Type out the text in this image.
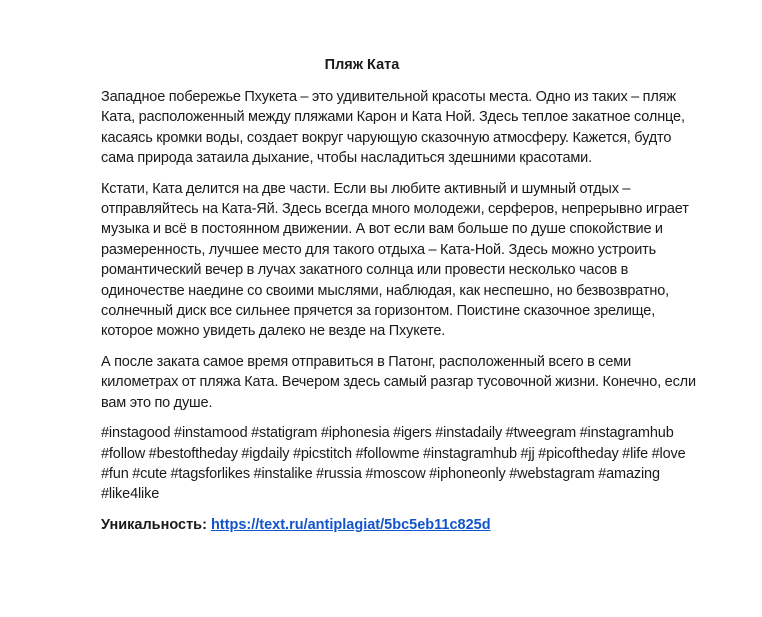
Пляж Ката
Западное побережье Пхукета – это удивительной красоты места. Одно из таких – пляж
Ката, расположенный между пляжами Карон и Ката Ной. Здесь теплое закатное солнце,
касаясь кромки воды, создает вокруг чарующую сказочную атмосферу. Кажется, будто
сама природа затаила дыхание, чтобы насладиться здешними красотами.
Кстати, Ката делится на две части. Если вы любите активный и шумный отдых –
отправляйтесь на Ката-Яй. Здесь всегда много молодежи, серферов, непрерывно играет
музыка и всё в постоянном движении. А вот если вам больше по душе спокойствие и
размеренность, лучшее место для такого отдыха – Ката-Ной. Здесь можно устроить
романтический вечер в лучах закатного солнца или провести несколько часов в
одиночестве наедине со своими мыслями, наблюдая, как неспешно, но безвозвратно,
солнечный диск все сильнее прячется за горизонтом. Поистине сказочное зрелище,
которое можно увидеть далеко не везде на Пхукете.
А после заката самое время отправиться в Патонг, расположенный всего в семи
километрах от пляжа Ката. Вечером здесь самый разгар тусовочной жизни. Конечно, если
вам это по душе.
#instagood #instamood #statigram #iphonesia #igers #instadaily #tweegram #instagramhub
#follow #bestoftheday #igdaily #picstitch #followme #instagramhub #jj #picoftheday #life #love
#fun #cute #tagsforlikes #instalike #russia #moscow #iphoneonly #webstagram #amazing
#like4like
Уникальность: https://text.ru/antiplagiat/5bc5eb11c825d
